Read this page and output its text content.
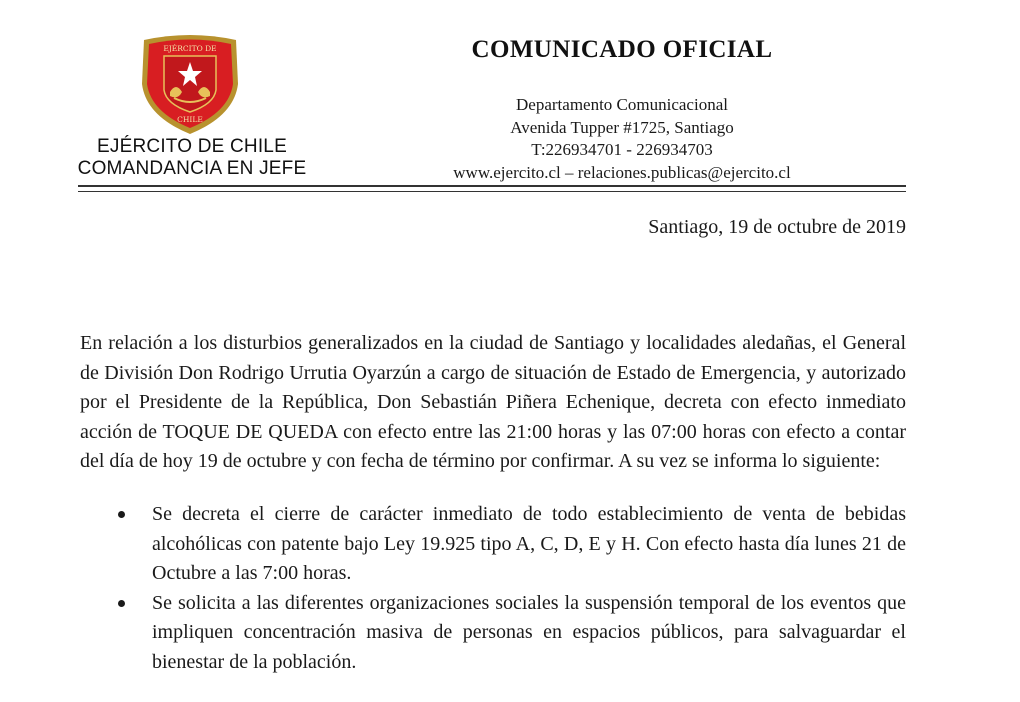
EJÉRCITO DE
CHILE
EJÉRCITO DE CHILE
COMANDANCIA EN JEFE
COMUNICADO OFICIAL
Departamento Comunicacional
Avenida Tupper #1725, Santiago
T:226934701 - 226934703
www.ejercito.cl – relaciones.publicas@ejercito.cl
Santiago, 19 de octubre de 2019

En relación a los disturbios generalizados en la ciudad de Santiago y localidades aledañas, el General de División Don Rodrigo Urrutia Oyarzún a cargo de situación de Estado de Emergencia, y autorizado por el Presidente de la República, Don Sebastián Piñera Echenique, decreta con efecto inmediato acción de TOQUE DE QUEDA con efecto entre las 21:00 horas y las 07:00 horas con efecto a contar del día de hoy 19 de octubre y con fecha de término por confirmar. A su vez se informa lo siguiente:

Se decreta el cierre de carácter inmediato de todo establecimiento de venta de bebidas alcohólicas con patente bajo Ley 19.925 tipo A, C, D, E y H. Con efecto hasta día lunes 21 de Octubre a las 7:00 horas.
Se solicita a las diferentes organizaciones sociales la suspensión temporal de los eventos que impliquen concentración masiva de personas en espacios públicos, para salvaguardar el bienestar de la población.
